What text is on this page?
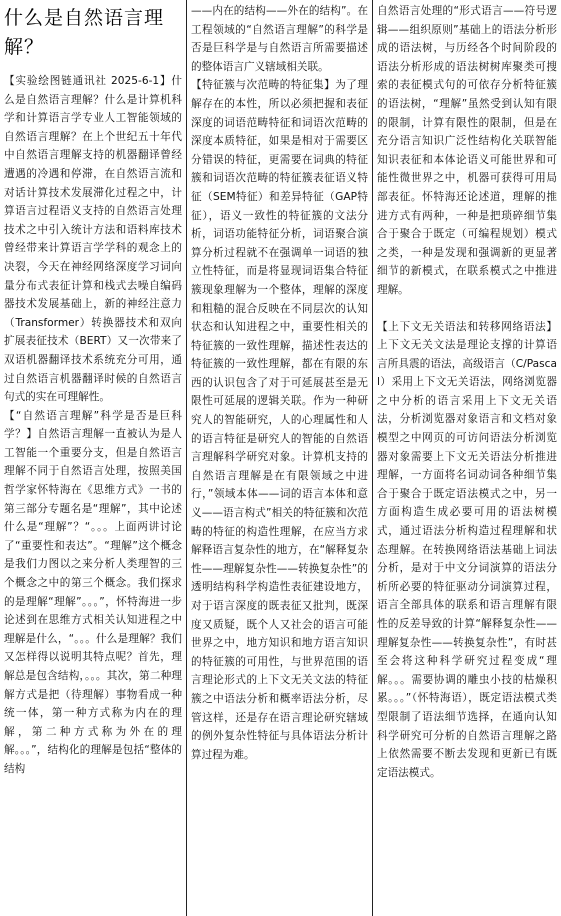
什么是自然语言理解？

【实验绘图链通讯社 2025-6-1】什么是自然语言理解？什么是计算机科学和计算语言学专业人工智能领域的自然语言理解？在上个世纪五十年代中自然语言理解支持的机器翻译曾经遭遇的冷遇和停滞，在自然语言流和对话计算技术发展滞化过程之中，计算语言过程语义支持的自然语言处理技术之中引入统计方法和语料库技术曾经带来计算语言学学科的观念上的决裂，今天在神经网络深度学习词向量分布式表征计算和栈式去噪自编码器技术发展基础上，新的神经注意力（Transformer）转换器技术和双向扩展表征技术（BERT）又一次带来了双语机器翻译技术系统充分可用，通过自然语言机器翻译时候的自然语言句式的实在可理解性。

【“自然语言理解”科学是否是巨科学？】自然语言理解一直被认为是人工智能一个重要分支，但是自然语言理解不同于自然语言处理，按照美国哲学家怀特海在《思维方式》一书的第三部分专题名是“理解”，其中论述什么是“理解”？“。。。上面两讲讨论了“重要性和表达”。“理解”这个概念是我们力图以之来分析人类理智的三个概念之中的第三个概念。我们探求的是理解“理解”。。。”，怀特海进一步论述到在思维方式相关认知进程之中理解是什么，“。。。什么是理解？我们又怎样得以说明其特点呢？首先，理解总是包含结构，。。。其次，第二种理解方式是把（待理解）事物看成一种统一体，第一种方式称为内在的理解，第二种方式称为外在的理解。。。”，结构化的理解是包括“整体的结构

——内在的结构——外在的结构”。在工程领域的“自然语言理解”的科学是否是巨科学是与自然语言所需要描述的整体语言广义辖域相关联。

【特征簇与次范畴的特征集】为了理解存在的本性，所以必须把握和表征深度的词语范畴特征和词语次范畴的深度本质特征，如果是相对于需要区分错误的特征，更需要在词典的特征簇和词语次范畴的特征簇表征语义特征（SEM特征）和差异特征（GAP特征），语义一致性的特征簇的文法分析，词语功能特征分析，词语聚合演算分析过程就不在强调单一词语的独立性特征，而是将显现词语集合特征簇现象理解为一个整体，理解的深度和粗糙的混合反映在不同层次的认知状态和认知进程之中，重要性相关的特征簇的一致性理解，描述性表达的特征簇的一致性理解，都在有限的东西的认识包含了对于可延展甚至是无限性可延展的逻辑关联。作为一种研究人的智能研究，人的心理属性和人的语言特征是研究人的智能的自然语言理解科学研究对象。计算机支持的自然语言理解是在有限领域之中进行，”领域本体——词的语言本体和意义——语言构式”相关的特征簇和次范畴的特征的构造性理解，在应当方求解释语言复杂性的地方，在“解释复杂性——理解复杂性——转换复杂性”的透明结构科学构造性表征建设地方，对于语言深度的既表征又批判，既深度又质疑，既个人又社会的语言可能世界之中，地方知识和地方语言知识的特征簇的可用性，与世界范围的语言理论形式的上下文无关文法的特征簇之中语法分析和概率语法分析，尽管这样，还是存在语言理论研究辖域的例外复杂性特征与具体语法分析计算过程为难。

自然语言处理的“形式语言——符号逻辑——组织原则”基础上的语法分析形成的语法树，与历经各个时间阶段的语法分析形成的语法树树库聚类可搜索的表征模式句的可依存分析特征簇的语法树，“理解”虽然受到认知有限的限制，计算有限性的限制，但是在充分语言知识广泛性结构化关联智能知识表征和本体论语义可能世界和可能性微世界之中，机器可获得可用局部表征。怀特海还论述道，理解的推进方式有两种，一种是把琐碎细节集合于聚合于既定（可编程规划）模式之类，一种是发现和强调新的更显著细节的新模式，在联系模式之中推进理解。

【上下文无关语法和转移网络语法】上下文无关文法是理论支撑的计算语言所具震的语法，高级语言（C/Pascal）采用上下文无关语法，网络浏览器之中分析的语言采用上下文无关语法，分析浏览器对象语言和文档对象模型之中网页的可访问语法分析浏览器对象需要上下文无关语法分析推进理解，一方面将名词动词各种细节集合于聚合于既定语法模式之中，另一方面构造生成必要可用的语法树模式，通过语法分析构造过程理解和状态理解。在转换网络语法基础上词法分析，是对于中文分词演算的语法分析所必要的特征驱动分词演算过程，语言全部具体的联系和语言理解有限性的反差导致的计算“解释复杂性——理解复杂性——转换复杂性”，有时甚至会将这种科学研究过程变成“理解。。。需要协调的雕虫小技的枯燥积累。。。”（怀特海语），既定语法模式类型限制了语法细节选择，在通向认知科学研究可分析的自然语言理解之路上依然需要不断去发现和更新已有既定语法模式。
